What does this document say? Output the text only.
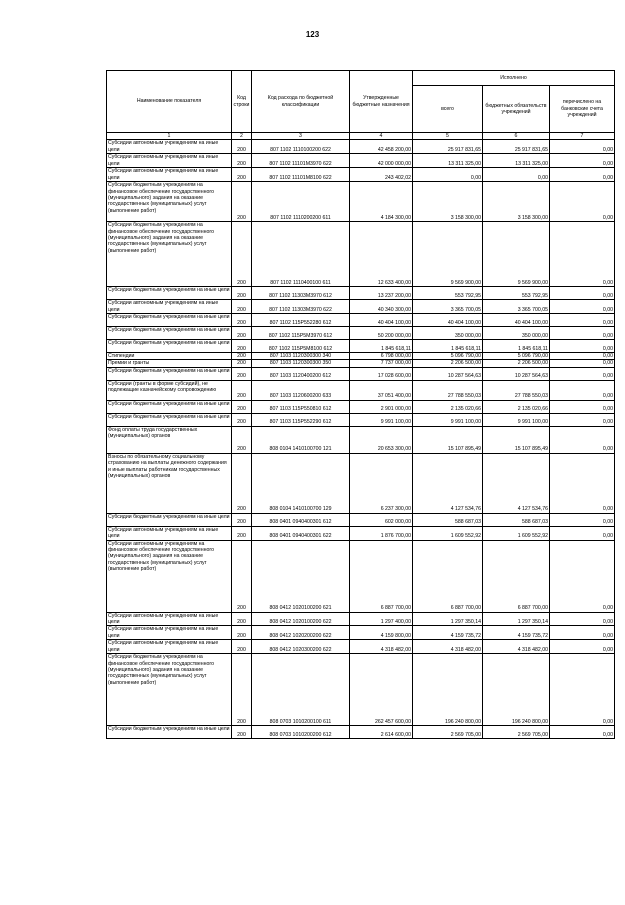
123
Наименование показателя	Код строки	Код расхода по бюджетной классификации	Утвержденные бюджетные назначения	Исполнено		
				всего	бюджетных обязательств учреждений	перечислено на банковские счета учреждений
1	2	3	4	5	6	7
Субсидии автономным учреждениям на иные цели	200	807 1102 1110100200 622	42 458 200,00	25 917 831,65	25 917 831,65	0,00
Субсидии автономным учреждениям на иные цели	200	807 1102 11101М3970 622	42 000 000,00	13 311 325,00	13 311 325,00	0,00
Субсидии автономным учреждениям на иные цели	200	807 1102 11101М8100 622	243 402,02	0,00	0,00	0,00
Субсидии бюджетным учреждениям на финансовое обеспечение государственного (муниципального) задания на оказание государственных (муниципальных) услуг (выполнение работ)	200	807 1102 1110200200 611	4 184 300,00	3 158 300,00	3 158 300,00	0,00
Субсидии бюджетным учреждениям на финансовое обеспечение государственного (муниципального) задания на оказание государственных (муниципальных) услуг (выполнение работ)	200	807 1102 1110400100 611	12 633 400,00	9 569 900,00	9 569 900,00	0,00
Субсидии бюджетным учреждениям на иные цели	200	807 1102 11303М3970 612	13 237 200,00	553 792,95	553 792,95	0,00
Субсидии автономным учреждениям на иные цели	200	807 1102 11303М3970 622	40 340 300,00	3 365 700,05	3 365 700,05	0,00
Субсидии бюджетным учреждениям на иные цели	200	807 1102 115Р552280 612	40 404 100,00	40 404 100,00	40 404 100,00	0,00
Субсидии бюджетным учреждениям на иные цели	200	807 1102 115Р5М3970 612	50 200 000,00	350 000,00	350 000,00	0,00
Субсидии бюджетным учреждениям на иные цели	200	807 1102 115Р5М8100 612	1 845 618,11	1 845 618,11	1 845 618,11	0,00
Стипендии	200	807 1103 1120300300 340	6 798 000,00	5 096 790,00	5 096 790,00	0,00
Премии и гранты	200	807 1103 1120300300 350	7 737 000,00	2 206 500,00	2 206 500,00	0,00
Субсидии бюджетным учреждениям на иные цели	200	807 1103 1120400200 612	17 028 600,00	10 287 564,63	10 287 564,63	0,00
Субсидии (гранты в форме субсидий), не подлежащие казначейскому сопровождению	200	807 1103 1120600200 633	37 051 400,00	27 788 550,03	27 788 550,03	0,00
Субсидии бюджетным учреждениям на иные цели	200	807 1103 115Р550810 612	2 901 000,00	2 135 020,66	2 135 020,66	0,00
Субсидии бюджетным учреждениям на иные цели	200	807 1103 115Р552290 612	9 991 100,00	9 991 100,00	9 991 100,00	0,00
Фонд оплаты труда государственных (муниципальных) органов	200	808 0104 1410100700 121	20 653 300,00	15 107 895,49	15 107 895,49	0,00
Взносы по обязательному социальному страхованию на выплаты денежного содержания и иные выплаты работникам государственных (муниципальных) органов	200	808 0104 1410100700 129	6 237 300,00	4 127 534,76	4 127 534,76	0,00
Субсидии бюджетным учреждениям на иные цели	200	808 0401 0940400301 612	602 000,00	588 687,03	588 687,03	0,00
Субсидии автономным учреждениям на иные цели	200	808 0401 0940400301 622	1 876 700,00	1 609 552,92	1 609 552,92	0,00
Субсидии автономным учреждениям на финансовое обеспечение государственного (муниципального) задания на оказание государственных (муниципальных) услуг (выполнение работ)	200	808 0412 1020100200 621	6 887 700,00	6 887 700,00	6 887 700,00	0,00
Субсидии автономным учреждениям на иные цели	200	808 0412 1020100200 622	1 297 400,00	1 297 350,14	1 297 350,14	0,00
Субсидии автономным учреждениям на иные цели	200	808 0412 1020200200 622	4 159 800,00	4 159 735,72	4 159 735,72	0,00
Субсидии автономным учреждениям на иные цели	200	808 0412 1020300200 622	4 318 482,00	4 318 482,00	4 318 482,00	0,00
Субсидии бюджетным учреждениям на финансовое обеспечение государственного (муниципального) задания на оказание государственных (муниципальных) услуг (выполнение работ)	200	808 0703 1010200100 611	262 457 600,00	196 240 800,00	196 240 800,00	0,00
Субсидии бюджетным учреждениям на иные цели	200	808 0703 1010200200 612	2 614 600,00	2 569 705,00	2 569 705,00	0,00
